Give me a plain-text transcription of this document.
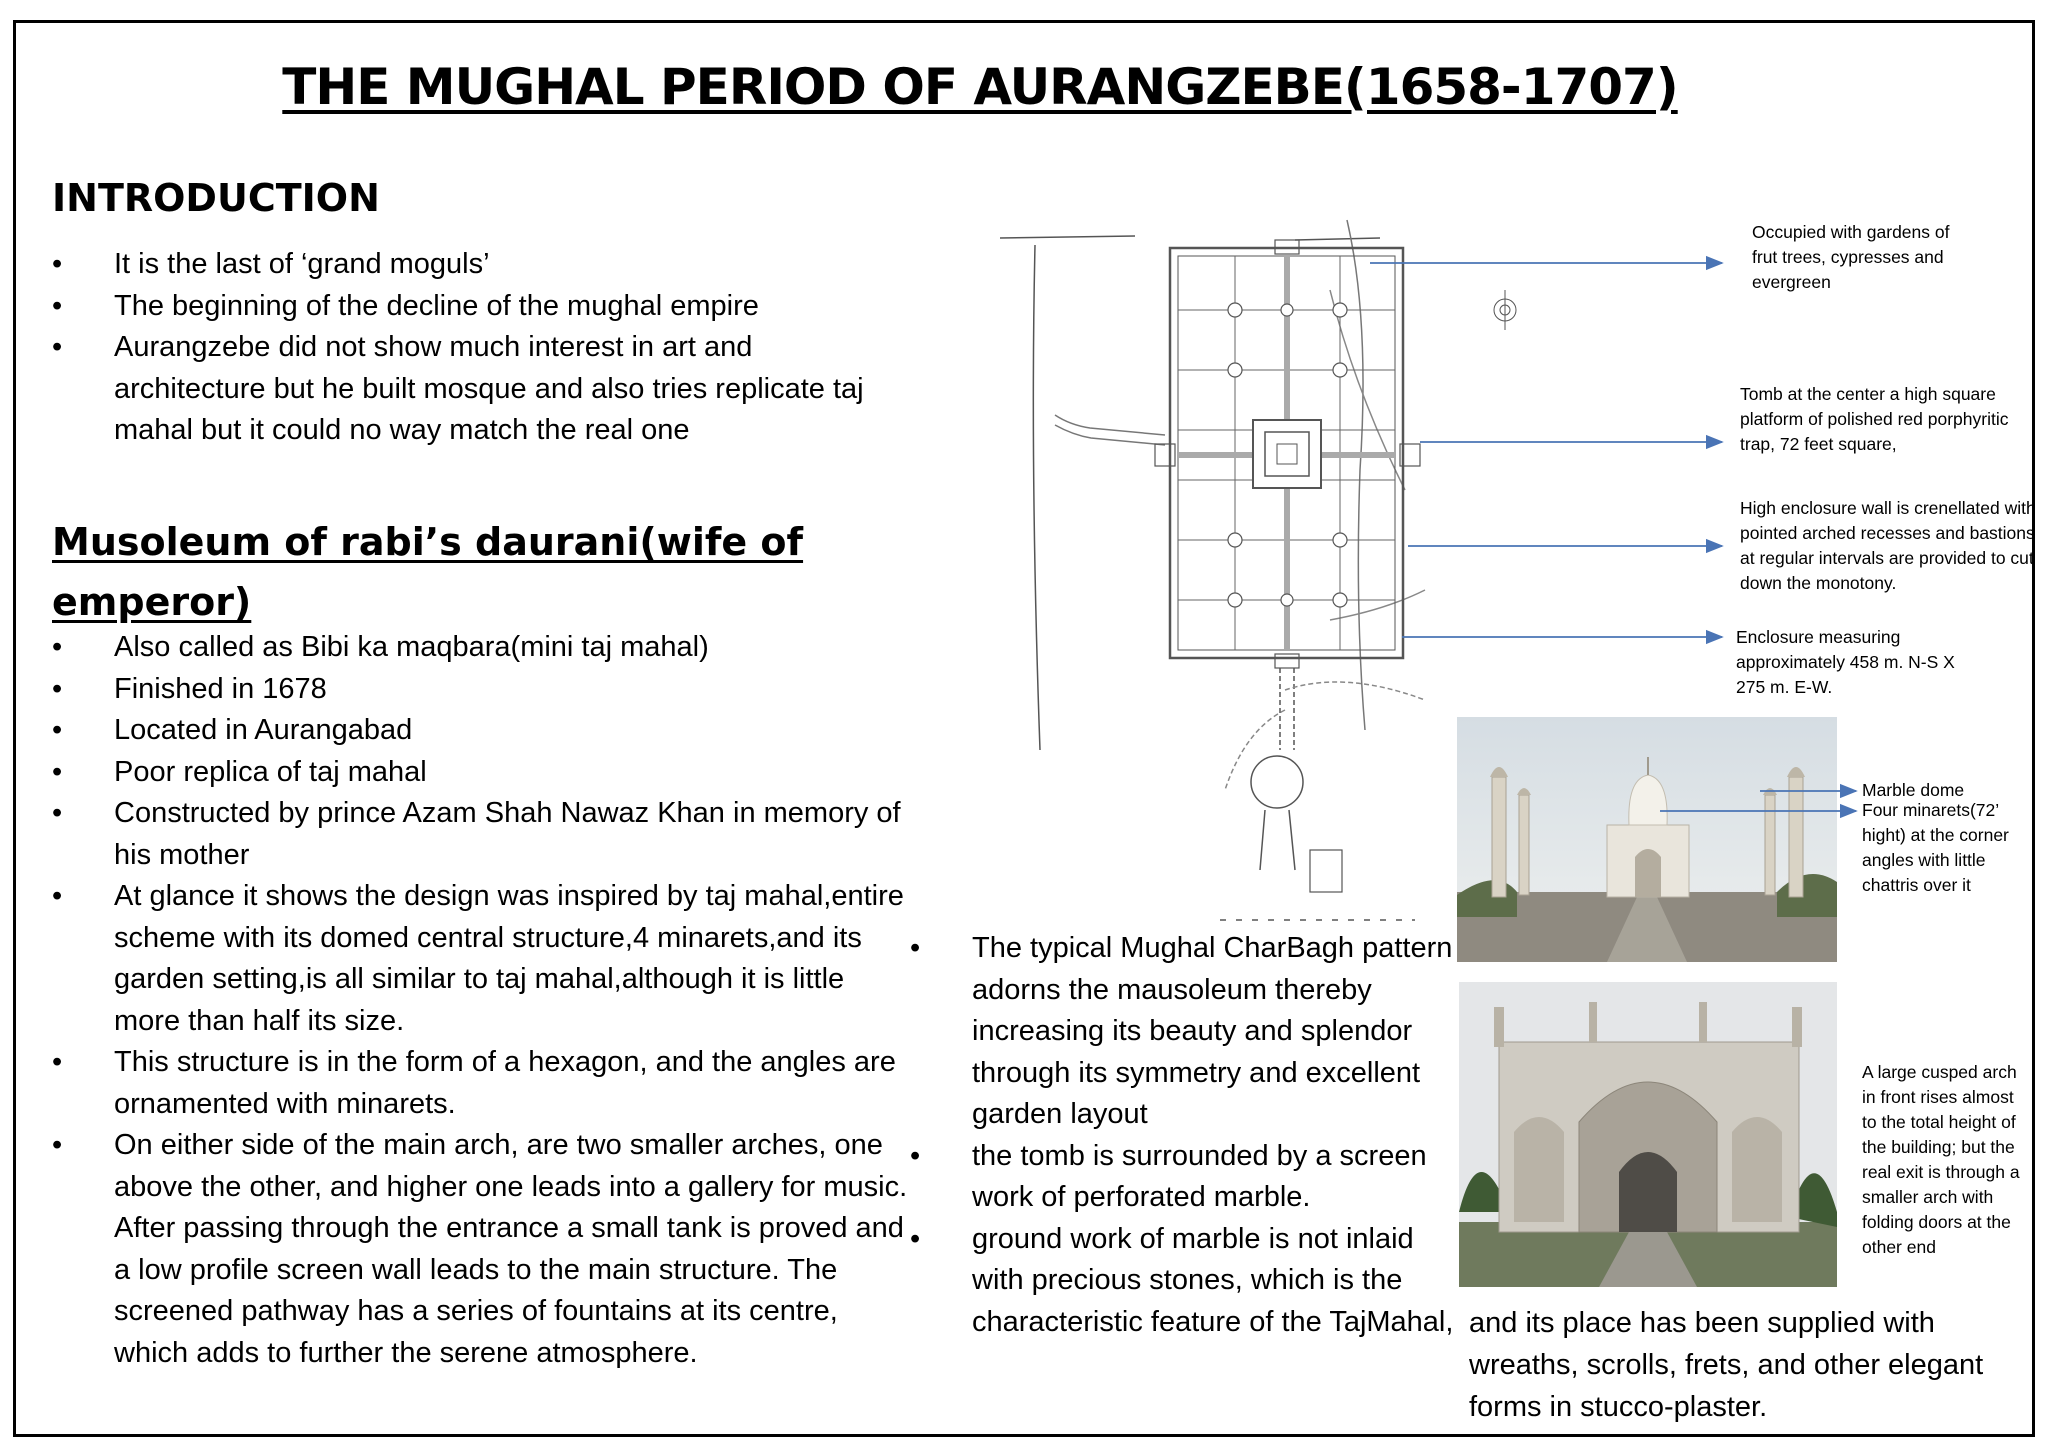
THE MUGHAL PERIOD OF AURANGZEBE(1658-1707)
INTRODUCTION
• It is the last of ‘grand moguls’
• The beginning of the decline of the mughal empire
• Aurangzebe did not show much interest in art and architecture but he built mosque and also tries replicate taj mahal but it could no way match the real one
Musoleum of rabi’s daurani(wife of emperor)
• Also called as Bibi ka maqbara(mini taj mahal)
• Finished in 1678
• Located in Aurangabad
• Poor replica of taj mahal
• Constructed by prince Azam Shah Nawaz Khan in memory of his mother
• At glance it shows the design was inspired by taj mahal,entire scheme with its domed central structure,4 minarets,and its garden setting,is all similar to taj mahal,although it is little more than half its size.
• This structure is in the form of a hexagon, and the angles are ornamented with minarets.
• On either side of the main arch, are two smaller arches, one above the other, and higher one leads into a gallery for music. After passing through the entrance a small tank is proved and a low profile screen wall leads to the main structure. The screened pathway has a series of fountains at its centre, which adds to further the serene atmosphere.
• The typical Mughal CharBagh pattern adorns the mausoleum thereby increasing its beauty and splendor through its symmetry and excellent garden layout
• the tomb is surrounded by a screen work of perforated marble.
• ground work of marble is not inlaid with precious stones, which is the characteristic feature of the TajMahal, and its place has been supplied with wreaths, scrolls, frets, and other elegant forms in stucco-plaster.
Occupied with gardens of frut trees, cypresses and evergreen
Tomb at the center a high square platform of polished red porphyritic trap, 72 feet square,
High enclosure wall is crenellated with pointed arched recesses and bastions at regular intervals are provided to cut down the monotony.
Enclosure measuring approximately 458 m. N-S X 275 m. E-W.
Marble dome
Four minarets(72’ hight) at the corner angles with little chattris over it
A large cusped arch in front rises almost to the total height of the building; but the real exit is through a smaller arch with folding doors at the other end
